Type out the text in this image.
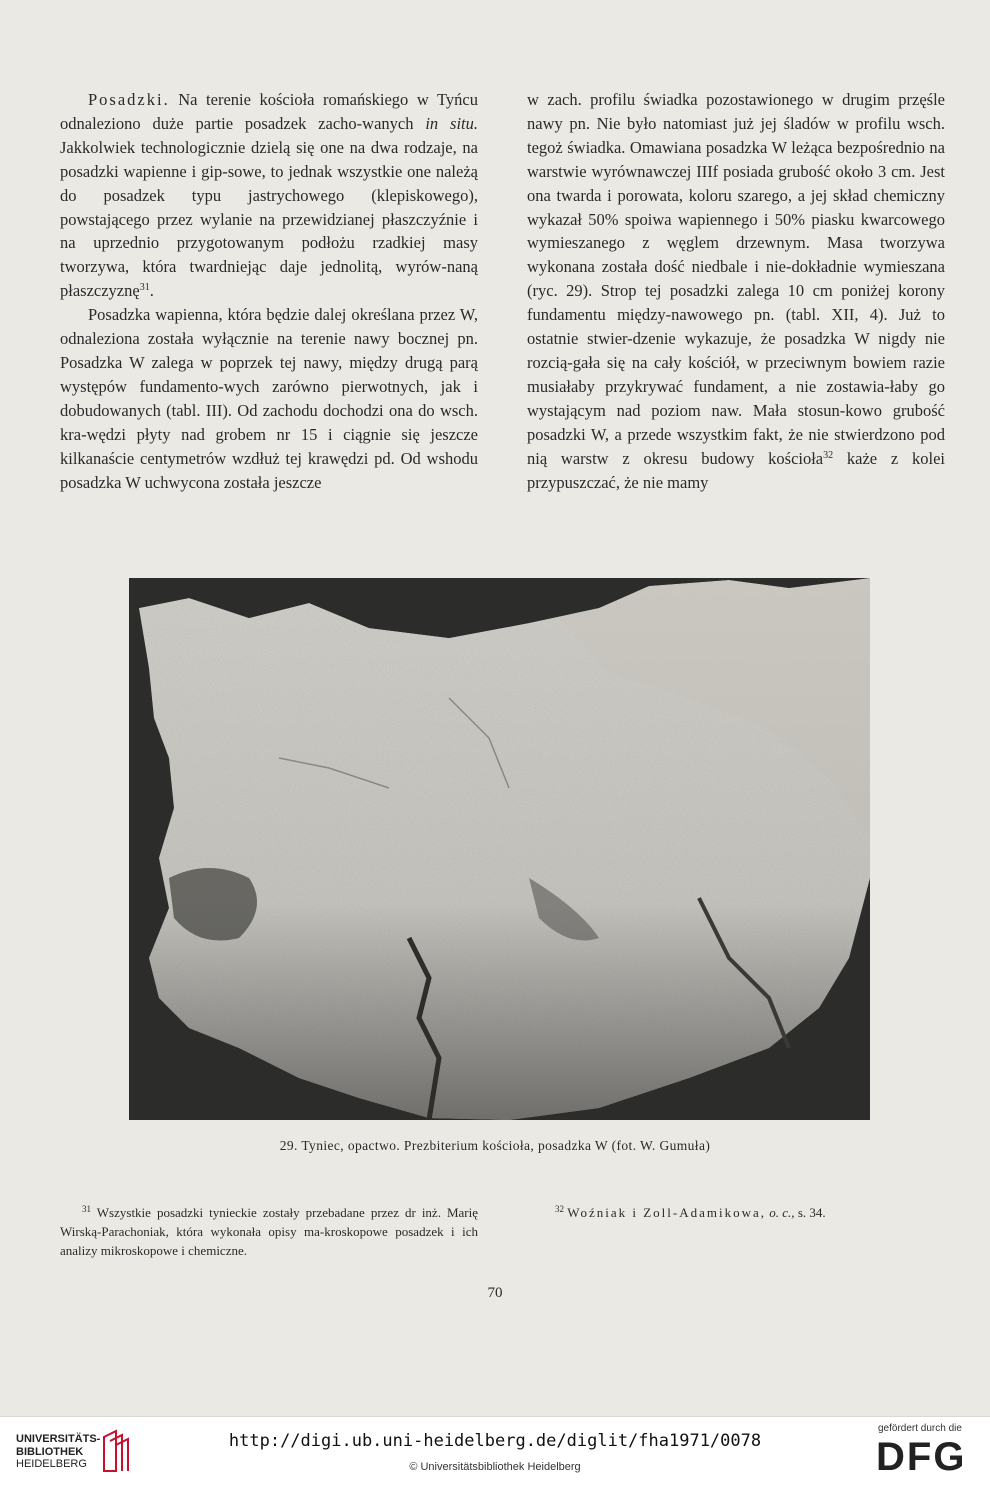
Posadzki. Na terenie kościoła romańskiego w Tyńcu odnaleziono duże partie posadzek zacho-wanych in situ. Jakkolwiek technologicznie dzielą się one na dwa rodzaje, na posadzki wapienne i gip-sowe, to jednak wszystkie one należą do posadzek typu jastrychowego (klepiskowego), powstającego przez wylanie na przewidzianej płaszczyźnie i na uprzednio przygotowanym podłożu rzadkiej masy tworzywa, która twardniejąc daje jednolitą, wyrów-naną płaszczyznę$^{31}$.

Posadzka wapienna, która będzie dalej określana przez W, odnaleziona została wyłącznie na terenie nawy bocznej pn. Posadzka W zalega w poprzek tej nawy, między drugą parą występów fundamento-wych zarówno pierwotnych, jak i dobudowanych (tabl. III). Od zachodu dochodzi ona do wsch. kra-wędzi płyty nad grobem nr 15 i ciągnie się jeszcze kilkanaście centymetrów wzdłuż tej krawędzi pd. Od wshodu posadzka W uchwycona została jeszcze

w zach. profilu świadka pozostawionego w drugim przęśle nawy pn. Nie było natomiast już jej śladów w profilu wsch. tegoż świadka. Omawiana posadzka W leżąca bezpośrednio na warstwie wyrównawczej IIIf posiada grubość około 3 cm. Jest ona twarda i porowata, koloru szarego, a jej skład chemiczny wykazał 50% spoiwa wapiennego i 50% piasku kwarcowego wymieszanego z węglem drzewnym. Masa tworzywa wykonana została dość niedbale i nie-dokładnie wymieszana (ryc. 29). Strop tej posadzki zalega 10 cm poniżej korony fundamentu między-nawowego pn. (tabl. XII, 4). Już to ostatnie stwier-dzenie wykazuje, że posadzka W nigdy nie rozcią-gała się na cały kościół, w przeciwnym bowiem razie musiałaby przykrywać fundament, a nie zostawia-łaby go wystającym nad poziom naw. Mała stosun-kowo grubość posadzki W, a przede wszystkim fakt, że nie stwierdzono pod nią warstw z okresu budowy kościoła$^{32}$ każe z kolei przypuszczać, że nie mamy

29. Tyniec, opactwo. Prezbiterium kościoła, posadzka W (fot. W. Gumuła)
$^{31}$ Wszystkie posadzki tynieckie zostały przebadane przez dr inż. Marię Wirską-Parachoniak, która wykonała opisy ma-kroskopowe posadzek i ich analizy mikroskopowe i chemiczne.
$^{32}$ Woźniak i Zoll-Adamikowa, o. c., s. 34.
70
UNIVERSITÄTS-
BIBLIOTHEK
HEIDELBERG
http://digi.ub.uni-heidelberg.de/diglit/fha1971/0078
© Universitätsbibliothek Heidelberg
gefördert durch die
DFG
